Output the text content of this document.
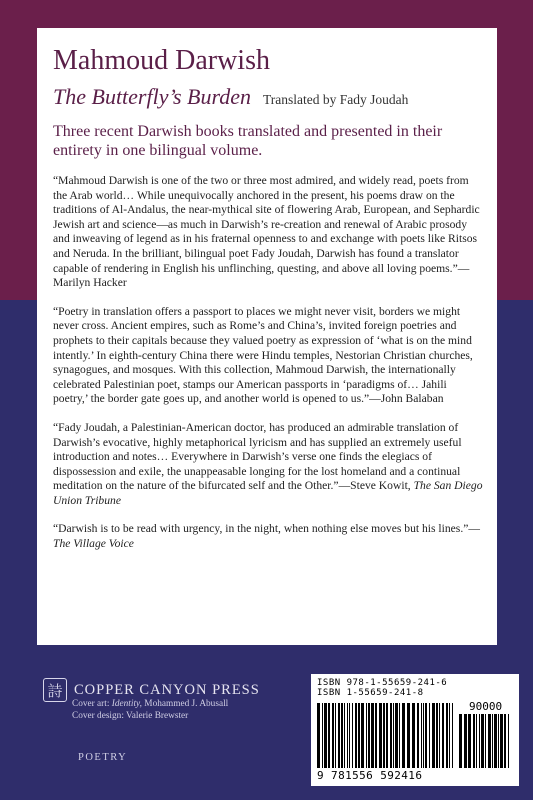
Mahmoud Darwish
The Butterfly’s Burden Translated by Fady Joudah

Three recent Darwish books translated and presented in their entirety in one bilingual volume.

“Mahmoud Darwish is one of the two or three most admired, and widely read, poets from the Arab world… While unequivocally anchored in the present, his poems draw on the traditions of Al-Andalus, the near-mythical site of flowering Arab, European, and Sephardic Jewish art and science—as much in Darwish’s re-creation and renewal of Arabic prosody and inweaving of legend as in his fraternal openness to and exchange with poets like Ritsos and Neruda. In the brilliant, bilingual poet Fady Joudah, Darwish has found a translator capable of rendering in English his unflinching, questing, and above all loving poems.”—Marilyn Hacker

“Poetry in translation offers a passport to places we might never visit, borders we might never cross. Ancient empires, such as Rome’s and China’s, invited foreign poetries and prophets to their capitals because they valued poetry as expression of ‘what is on the mind intently.’ In eighth-century China there were Hindu temples, Nestorian Christian churches, synagogues, and mosques. With this collection, Mahmoud Darwish, the internationally celebrated Palestinian poet, stamps our American passports in ‘paradigms of… Jahili poetry,’ the border gate goes up, and another world is opened to us.”—John Balaban

“Fady Joudah, a Palestinian-American doctor, has produced an admirable translation of Darwish’s evocative, highly metaphorical lyricism and has supplied an extremely useful introduction and notes… Everywhere in Darwish’s verse one finds the elegiacs of dispossession and exile, the unappeasable longing for the lost homeland and a continual meditation on the nature of the bifurcated self and the Other.”—Steve Kowit, The San Diego Union Tribune

“Darwish is to be read with urgency, in the night, when nothing else moves but his lines.”—The Village Voice

詩 COPPER CANYON PRESS
Cover art: Identity, Mohammed J. Abusall
Cover design: Valerie Brewster
POETRY
ISBN 978-1-55659-241-6
ISBN 1-55659-241-8
90000
9 781556 592416
